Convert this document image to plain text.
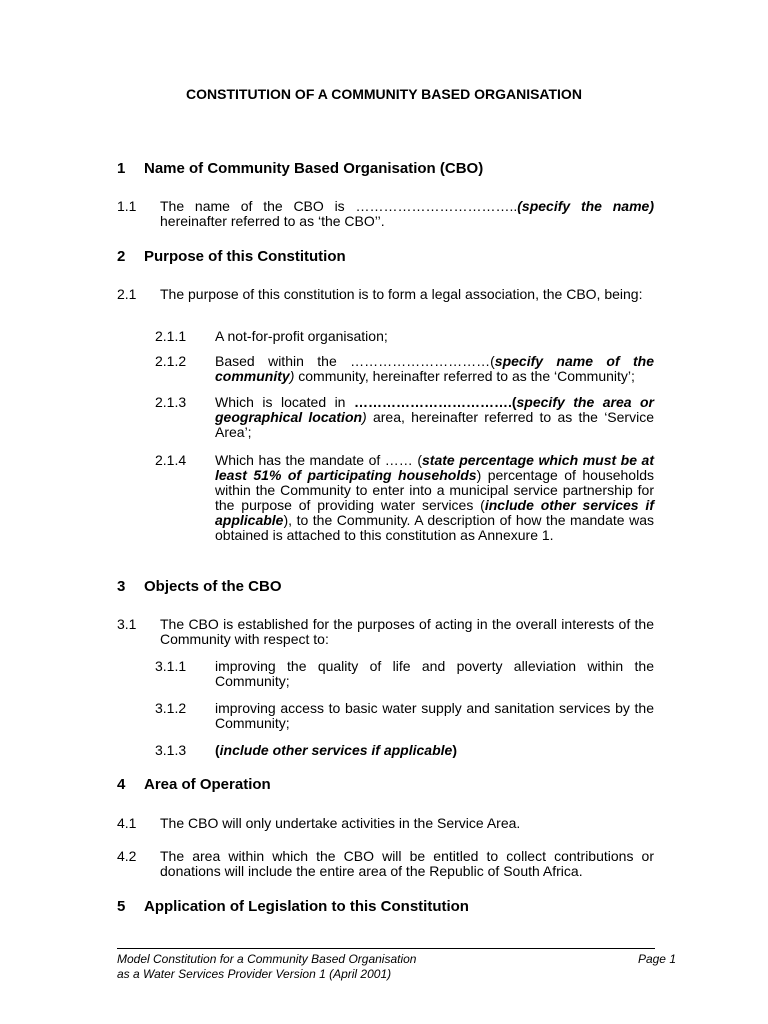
CONSTITUTION OF A COMMUNITY BASED ORGANISATION
1 Name of Community Based Organisation (CBO)
1.1 The name of the CBO is ……………………………..(specify the name) hereinafter referred to as ‘the CBO’’.
2 Purpose of this Constitution
2.1 The purpose of this constitution is to form a legal association, the CBO, being:
2.1.1 A not-for-profit organisation;
2.1.2 Based within the …………………………(specify name of the community) community, hereinafter referred to as the ‘Community’;
2.1.3 Which is located in …………………………….(specify the area or geographical location) area, hereinafter referred to as the ‘Service Area’;
2.1.4 Which has the mandate of …… (state percentage which must be at least 51% of participating households) percentage of households within the Community to enter into a municipal service partnership for the purpose of providing water services (include other services if applicable), to the Community. A description of how the mandate was obtained is attached to this constitution as Annexure 1.
3 Objects of the CBO
3.1 The CBO is established for the purposes of acting in the overall interests of the Community with respect to:
3.1.1 improving the quality of life and poverty alleviation within the Community;
3.1.2 improving access to basic water supply and sanitation services by the Community;
3.1.3 (include other services if applicable)
4 Area of Operation
4.1 The CBO will only undertake activities in the Service Area.
4.2 The area within which the CBO will be entitled to collect contributions or donations will include the entire area of the Republic of South Africa.
5 Application of Legislation to this Constitution
Model Constitution for a Community Based Organisation
as a Water Services Provider Version 1 (April 2001)
Page 1
